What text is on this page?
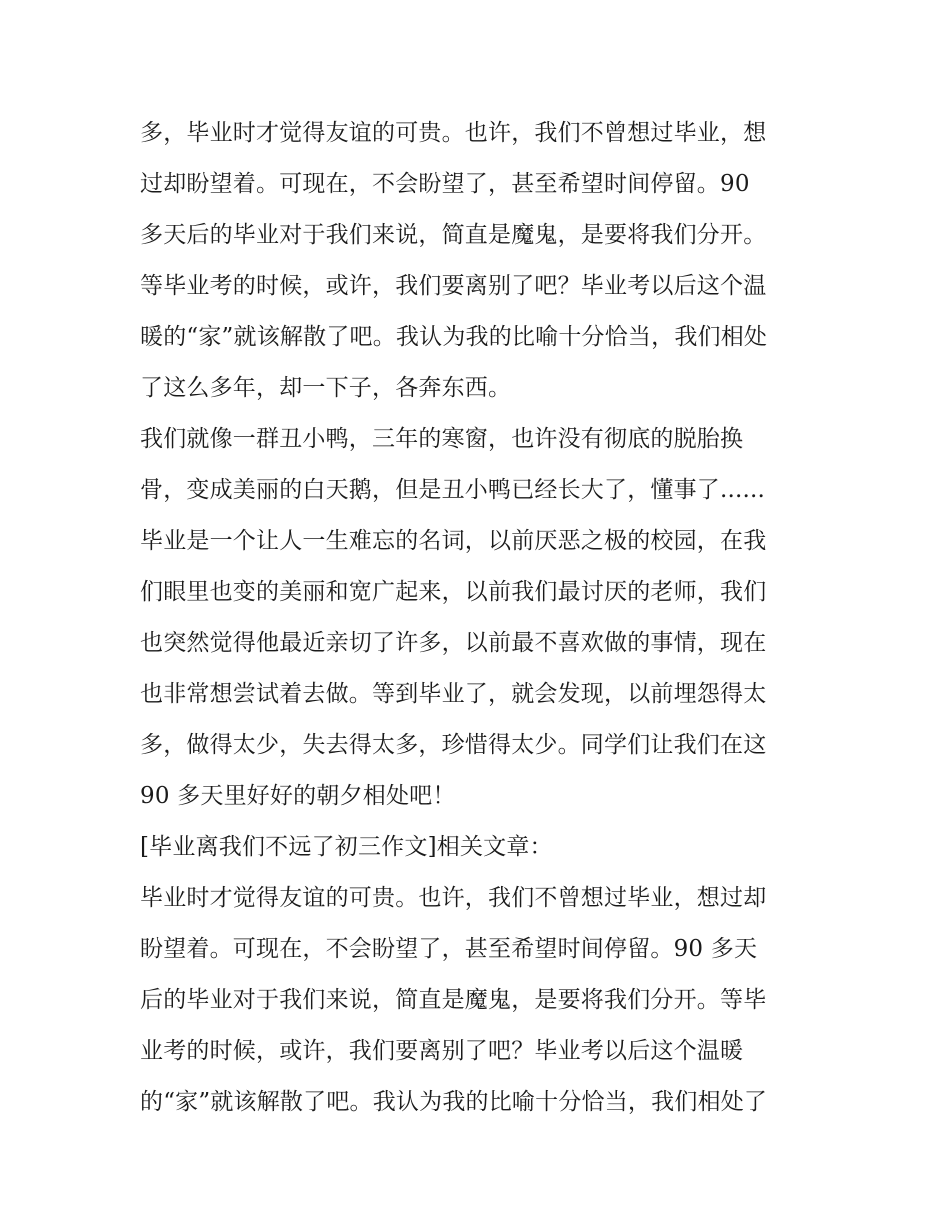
多，毕业时才觉得友谊的可贵。也许，我们不曾想过毕业，想
过却盼望着。可现在，不会盼望了，甚至希望时间停留。90
多天后的毕业对于我们来说，简直是魔鬼，是要将我们分开。
等毕业考的时候，或许，我们要离别了吧？毕业考以后这个温
暖的“家”就该解散了吧。我认为我的比喻十分恰当，我们相处
了这么多年，却一下子，各奔东西。
我们就像一群丑小鸭，三年的寒窗，也许没有彻底的脱胎换
骨，变成美丽的白天鹅，但是丑小鸭已经长大了，懂事了......
毕业是一个让人一生难忘的名词，以前厌恶之极的校园，在我
们眼里也变的美丽和宽广起来，以前我们最讨厌的老师，我们
也突然觉得他最近亲切了许多，以前最不喜欢做的事情，现在
也非常想尝试着去做。等到毕业了，就会发现，以前埋怨得太
多，做得太少，失去得太多，珍惜得太少。同学们让我们在这
90 多天里好好的朝夕相处吧！
[毕业离我们不远了初三作文]相关文章：
毕业时才觉得友谊的可贵。也许，我们不曾想过毕业，想过却
盼望着。可现在，不会盼望了，甚至希望时间停留。90 多天
后的毕业对于我们来说，简直是魔鬼，是要将我们分开。等毕
业考的时候，或许，我们要离别了吧？毕业考以后这个温暖
的“家”就该解散了吧。我认为我的比喻十分恰当，我们相处了
